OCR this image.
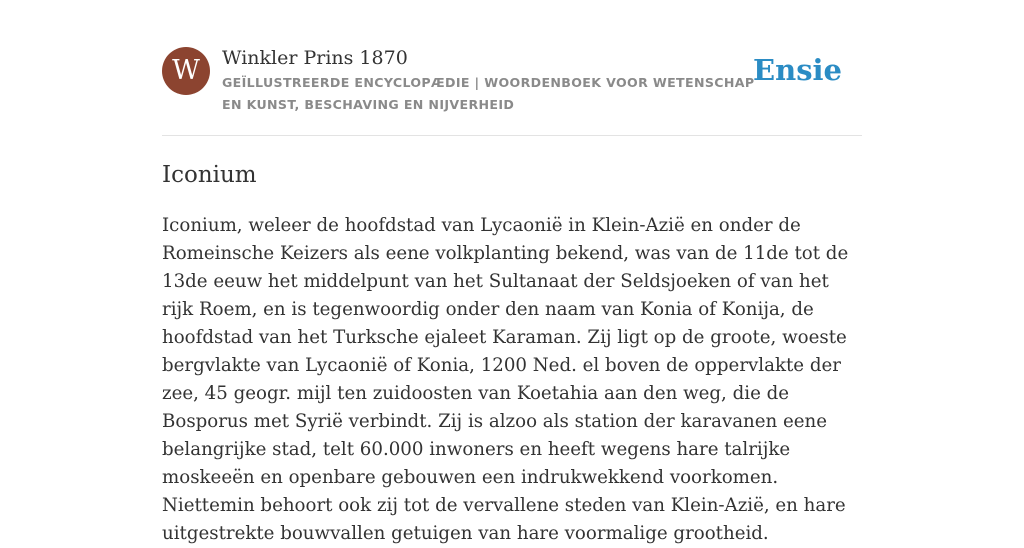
W	Winkler Prins 1870
GEÏLLUSTREERDE ENCYCLOPÆDIE | WOORDENBOEK VOOR WETENSCHAP EN KUNST, BESCHAVING EN NIJVERHEID
Ensie
Iconium

Iconium, weleer de hoofdstad van Lycaonië in Klein-Azië en onder de Romeinsche Keizers als eene volkplanting bekend, was van de 11de tot de 13de eeuw het middelpunt van het Sultanaat der Seldsjoeken of van het rijk Roem, en is tegenwoordig onder den naam van Konia of Konija, de hoofdstad van het Turksche ejaleet Karaman. Zij ligt op de groote, woeste bergvlakte van Lycaonië of Konia, 1200 Ned. el boven de oppervlakte der zee, 45 geogr. mijl ten zuidoosten van Koetahia aan den weg, die de Bosporus met Syrië verbindt. Zij is alzoo als station der karavanen eene belangrijke stad, telt 60.000 inwoners en heeft wegens hare talrijke moskeeën en openbare gebouwen een indrukwekkend voorkomen. Niettemin behoort ook zij tot de vervallene steden van Klein-Azië, en hare uitgestrekte bouwvallen getuigen van hare voormalige grootheid.
